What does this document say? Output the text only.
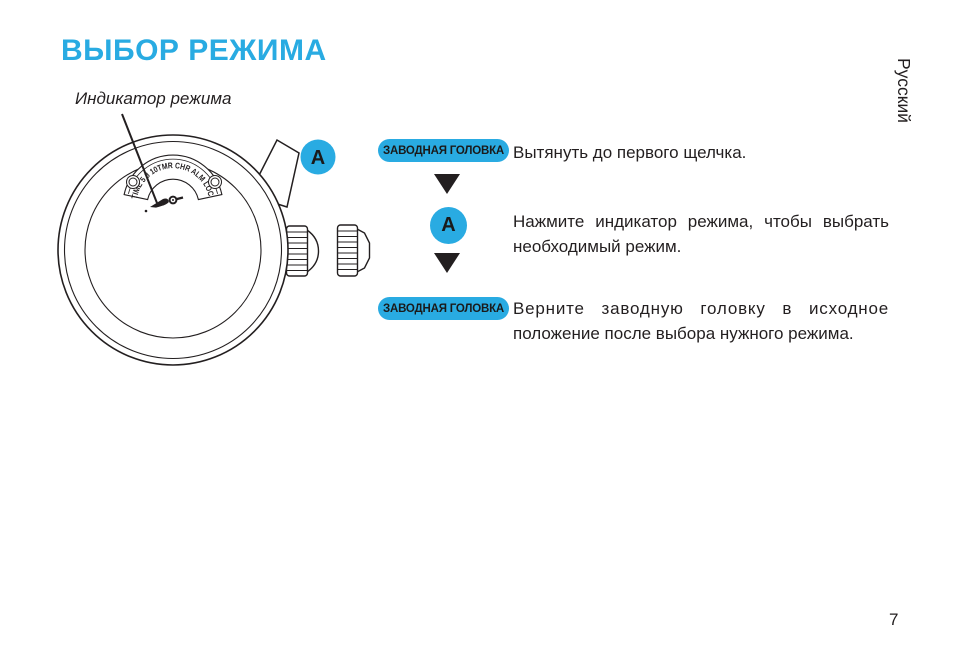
ВЫБОР РЕЖИМА
Индикатор режима
TIME 5 8 10TMR CHR ALM LOC
A	ЗАВОДНАЯ ГОЛОВКА Вытянуть до первого щелчка.
A	Нажмите индикатор режима, чтобы выбрать
необходимый режим.
ЗАВОДНАЯ ГОЛОВКА Верните заводную головку в исходное
положение после выбора нужного режима.
Русский
7
